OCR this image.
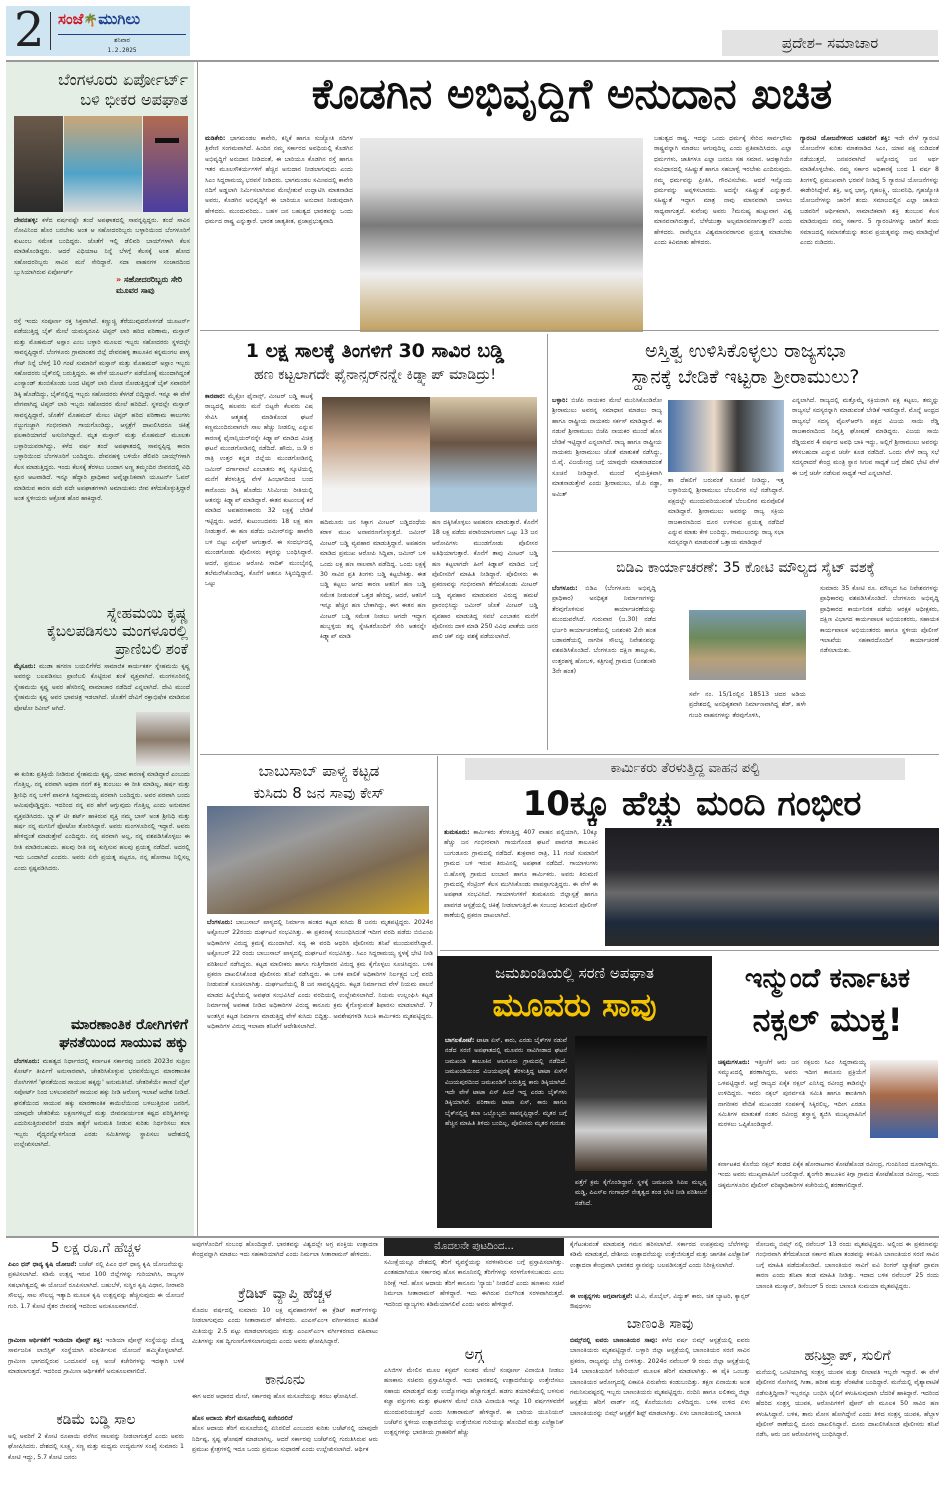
2 ಸಂಜೆ🌴ಮುಗಿಲು
ಶನಿವಾರ
1.2.2025	ಪ್ರದೇಶ– ಸಮಾಚಾರ
ಬೆಂಗಳೂರು ಏರ್ಪೋರ್ಟ್
ಬಳಿ ಭೀಕರ ಅಪಘಾತ
ದೇವನಹಳ್ಳಿ: ಕಳೆದ ವರ್ಷವಷ್ಟೇ ತಂದೆ ಅಪಘಾತದಲ್ಲಿ ಸಾವನ್ನಪ್ಪಿದ್ದರು. ತಂದೆ ಸಾವಿನ ನೋವಿನಿಂದ ಹೊರ ಬರಬೇಕು ಅಂತ ಆ ಸಹೋದರರಿಬ್ಬರು ಬಳ್ಳಾರಿಯಿಂದ ಬೆಂಗಳೂರಿಗೆ ಕುಟುಂಬ ಸಮೇತ ಬಂದಿದ್ದರು. ಜೊತೆಗೆ ಇಲ್ಲಿ ಡೆಲಿವರಿ ಬಾಯ್‌ಗಳಾಗಿ ಕೆಲಸ ಮಾಡಿಕೊಂಡಿದ್ದರು. ಆದರೆ ವಿಧಿಯಾಟ ನಿನ್ನೆ ಬೆಳಗ್ಗೆ ಕೆಲಸಕ್ಕೆ ಅಂತ ಹೋದ ಸಹೋದರರಿಬ್ಬರು ಸಾವಿನ ಮನೆ ಸೇರಿದ್ದಾರೆ. ಸದಾ ವಾಹನಗಳ ಸಂಚಾರದಿಂದ ಬ್ಯುಸಿಯಾಗಿರುವ ಏರ್ಪೋರ್ಟ್
» ಸಹೋದರರಿಬ್ಬರು ಸೇರಿ ಮೂವರ ಸಾವು
ರಸ್ತೆ ಇಂದು ಸಂಪೂರ್ಣ ರಕ್ತ ಸಿಕ್ತವಾಗಿದೆ. ಕಣ್ಣುಚ್ಚಿ ತೆರೆಯುವುದರೊಳಗಡೆ ಯೂಟರ್ನ್ ಪಡೆಯುತ್ತಿದ್ದ ಬೈಕ್ ಮೇಲೆ ಯಮಸ್ವರೂಪಿ ಟಿಪ್ಪರ್ ಲಾರಿ ಹರಿದ ಪರಿಣಾಮ, ಮಸ್ತಾನ್ ಮತ್ತು ಮೊಹಮದ್ ಅಸ್ಲಾಂ ಎಂಬ ಬಳ್ಳಾರಿ ಮೂಲದ ಇಬ್ಬರು ಸಹೋದರರು ಸ್ಥಳದಲ್ಲೇ ಸಾವನ್ನಪ್ಪಿದ್ದಾರೆ. ಬೆಂಗಳೂರು ಗ್ರಾಮಾಂತರ ಜಿಲ್ಲೆ ದೇವನಹಳ್ಳಿ ತಾಲೂಕಿನ ಕನ್ನಮಂಗಲ ಪಾಳ್ಯ ಗೇಟ್ ನಿನ್ನೆ ಬೆಳಗ್ಗೆ 10 ಗಂಟೆ ಸುಮಾರಿಗೆ ಮಸ್ತಾನ್ ಮತ್ತು ಮೊಹಮದ್ ಅಸ್ಲಾಂ ಇಬ್ಬರು ಸಹೋದರರು ಬೈಕ್‌ನಲ್ಲಿ ಬರುತ್ತಿದ್ದರು. ಈ ವೇಳೆ ಯೂಟರ್ನ್ ಪಡೆಯೋಕ್ಕೆ ಮುಂದಾಗಿದ್ದಂತೆ ಎಂಸ್ಯಾಂಡ್ ತುಂಬಿಕೊಂಡು ಬಂದ ಟಿಪ್ಪರ್ ಲಾರಿ ನೋಡ ನೋಡುತ್ತಿದ್ದಂತೆ ಬೈಕ್ ಸವಾರರಿಗೆ ಡಿಕ್ಕಿ ಹೊಡೆದಿದ್ದು, ಬೈಕ್‌ನಲ್ಲಿದ್ದ ಇಬ್ಬರು ಸಹೋದರರು ಕೆಳಗಡೆ ಬಿದ್ದಿದ್ದಾರೆ. ಇನ್ನೂ ಈ ವೇಳೆ ವೇಗವಾಗಿದ್ದ ಟಿಪ್ಪರ್ ಲಾರಿ ಇಬ್ಬರು ಸಹೋದರರ ಮೇಲೆ ಹರಿದಿದೆ. ಸ್ಥಳದಲ್ಲೇ ಮಸ್ತಾನ್ ಸಾವನ್ನಪ್ಪಿದ್ದಾರೆ, ಜೊತೆಗೆ ಮೊಹಮದ್ ಮೇಲು ಟಿಪ್ಪರ್ ಹರಿದ ಪರಿಣಾಮ ಕಾಲುಗಳು ನಜ್ಜುಗುಜ್ಜಾಗಿ ಗಂಭೀರವಾಗಿ ಗಾಯಗೊಂಡಿದ್ದು, ಆಸ್ಪತ್ರೆಗೆ ದಾಖಲಿಸಿದರೂ ಚಿಕಿತ್ಸೆ ಫಲಕಾರಿಯಾಗದೆ ಅಸುನೀಗಿದ್ದಾನೆ. ಮೃತ ಮಸ್ತಾನ್ ಮತ್ತು ಮೊಹಮದ್ ಮೂಲತಃ ಬಳ್ಳಾರಿಯವರಾಗಿದ್ದು, ಕಳೆದ ವರ್ಷ ತಂದೆ ಅಪಘಾತದಲ್ಲಿ ಸಾವನ್ನಪ್ಪಿದ್ದ ಕಾರಣ ಬಳ್ಳಾರಿಯಿಂದ ಬೆಂಗಳೂರಿಗೆ ಬಂದಿದ್ದರು. ದೇವನಹಳ್ಳಿ ಬಳಿಯೇ ಡೆಲಿವರಿ ಬಾಯ್ಸ್‌ಗಳಾಗಿ ಕೆಲಸ ಮಾಡುತ್ತಿದ್ದರು. ಇಂದು ಕೆಲಸಕ್ಕೆ ತೆರಳಲು ಬಂದಾಗ ಅಣ್ಣ ತಮ್ಮಂದಿರ ಜೀವನದಲ್ಲಿ ವಿಧಿ ಕ್ರೂರ ಆಟವಾಡಿದೆ. ಇನ್ನೂ ಹೆದ್ದಾರಿ ಪ್ರಾಧಿಕಾರ ಅವೈಜ್ಞಾನಿಕವಾಗಿ ಯೂಟರ್ನ್ ಓಪನ್ ಮಾಡಿರುವ ಕಾರಣ ಪದೇ ಪದೇ ಅಪಘಾತಗಳಾಗಿ ಅಮಾಯಕರು ಜೀವ ಕಳೆದುಕೊಳ್ಳುತ್ತಿದ್ದಾರೆ ಅಂತ ಸ್ಥಳೀಯರು ಆಕ್ರೋಶ ಹೊರ ಹಾಕಿದ್ದಾರೆ.
ಸ್ನೇಹಮಯಿ ಕೃಷ್ಣ
ಕೈಬಲಪಡಿಸಲು ಮಂಗಳೂರಲ್ಲಿ
ಪ್ರಾಣಿಬಲಿ ಶಂಕೆ
ಮೈಸೂರು: ಮುಡಾ ಹಗರಣ ಬಯಲಿಗೆಳೆದ ಸಾಮಾಜಿಕ ಕಾರ್ಯಕರ್ತ ಸ್ನೇಹಮಯಿ ಕೃಷ್ಣ ಅವರನ್ನು ಬಲಪಡಿಸಲು ಪ್ರಾಣಿಬಲಿ ಕೊಟ್ಟಿರುವ ಶಂಕೆ ವ್ಯಕ್ತವಾಗಿದೆ. ಮಂಗಳೂರಿನಲ್ಲಿ ಸ್ನೇಹಮಯಿ ಕೃಷ್ಣ ಅವರ ಹೆಸರಿನಲ್ಲಿ ವಾಮಾಚಾರ ನಡೆದಿದೆ ಎನ್ನಲಾಗಿದೆ. ದೇವಿ ಮುಂದೆ ಸ್ನೇಹಮಯಿ ಕೃಷ್ಣ ಅವರ ಭಾವಚಿತ್ರ ಇಡಲಾಗಿದೆ. ಜೊತೆಗೆ ದೇವಿಗೆ ರಕ್ತಾಭಿಷೇಕ ಮಾಡಿರುವ ಫೋಟೋ ರಿವೀಲ್ ಆಗಿದೆ.
ಈ ಕುರಿತು ಪ್ರತಿಕ್ರಿಯೆ ನೀಡಿರುವ ಸ್ನೇಹಮಯಿ ಕೃಷ್ಣ, ಯಾವ ಕಾರಣಕ್ಕೆ ಮಾಡಿದ್ದಾರೆ ಎಂಬುದು ಗೊತ್ತಿಲ್ಲ, ನನ್ನ ಪರವಾಗಿ ಅಥವಾ ನನಗೆ ಶಕ್ತಿ ತುಂಬಲು ಈ ರೀತಿ ಮಾಡಿಲ್ಲ, ಹರ್ಷ ಮತ್ತು ಶ್ರೀನಿಧಿ ನನ್ನ ಬಳಿಗೆ ಪಾರ್ವತಿ ಸಿದ್ದರಾಮಯ್ಯ ಪರವಾಗಿ ಬಂದಿದ್ದರು. ಅವರ ಪರವಾಗಿ ಬಂದು ಆಮಿಷವೊಡ್ಡಿದ್ದರು. ಇದರಿಂದ ನನ್ನ ಪರ ಹೇಗೆ ಆಗ್ತುವುದು ಗೊತ್ತಿಲ್ಲ ಎಂದು ಅನುಮಾನ ವ್ಯಕ್ತಪಡಿಸಿದರು. ಬ್ಲ್ಯಾಕ್ ಟೀ ಶರ್ಟ್ ಹಾಕಿರುವ ವ್ಯಕ್ತಿ ನಮ್ಮ ಬಾಸ್ ಅಂತ ಶ್ರೀನಿಧಿ ಮತ್ತು ಹರ್ಷ ನನ್ನ ಮಗನಿಗೆ ಫೋಟೋ ತೋರಿಸಿದ್ದಾರೆ. ಅವರು ಮಂಗಳೂರಿನಲ್ಲಿ ಇದ್ದಾರೆ. ಅವರು ಹೇಳಿದ್ದಂತೆ ಮಾಡುತ್ತೇವೆ ಎಂದಿದ್ದರು. ನನ್ನ ಪರವಾಗಿ ಅಲ್ಲ, ನನ್ನ ವಶಪಡಿಸಿಕೊಳ್ಳಲು ಈ ರೀತಿ ಮಾಡಿರಬಹುದು. ಹಲವು ರೀತಿ ನನ್ನ ಕುಗ್ಗಿಸುವ ಹಲವು ಪ್ರಯತ್ನ ನಡೆದಿದೆ. ಅದರಲ್ಲಿ ಇದು ಒಂದಾಗಿದೆ ಎಂದರು. ಅವರು ಏನೇ ಪ್ರಯತ್ನ ಪಟ್ಟರೂ, ನನ್ನ ಹೋರಾಟ ನಿಲ್ಲಿಸಲ್ಲ ಎಂದು ಸ್ಪಷ್ಟಪಡಿಸಿದರು.
ಮಾರಣಾಂತಿಕ ರೋಗಿಗಳಿಗೆ
ಘನತೆಯಿಂದ ಸಾಯುವ ಹಕ್ಕು
ಬೆಂಗಳೂರು: ಮಹತ್ವದ ನಿರ್ಧಾರದಲ್ಲಿ ಕರ್ನಾಟಕ ಸರ್ಕಾರವು ಜನವರಿ 2023ರ ಸುಪ್ರೀಂ ಕೋರ್ಟ್ ತೀರ್ಪಿಗೆ ಅನುಸಾರವಾಗಿ, ಚೇತರಿಸಿಕೊಳ್ಳುವ ಭರವಸೆಯಿಲ್ಲದ ಮಾರಣಾಂತಿಕ ರೋಗಿಗಳಿಗೆ 'ಘನತೆಯಿಂದ ಸಾಯುವ ಹಕ್ಕನ್ನು' ಅನುಮತಿಸಿದೆ. ಚೇತರಿಕೆಯೇ ಕಾಣದೆ ಲೈಫ್ ಸಪೋರ್ಟ್ ನಿಂದ ಬಳಲುವವರಿಗೆ ಸಾಯುವ ಹಕ್ಕು ನೀಡಿ ಆರೋಗ್ಯ ಇಲಾಖೆ ಆದೇಶ ನೀಡಿದೆ. ಘನತೆಯಿಂದ ಸಾಯುವ ಹಕ್ಕು ಮಾರಣಾಂತಿಕ ಕಾಯಿಲೆಯಿಂದ ಬಳಲುತ್ತಿರುವ ಜನರಿಗೆ, ಯಾವುದೇ ಚೇತರಿಕೆಯ ಲಕ್ಷಣಗಳಿಲ್ಲದೆ ಮತ್ತು ಜೀವನಪರ್ಯಂತ ಕಷ್ಟದ ಪರಿಸ್ಥಿತಿಗಳನ್ನು ಎದುರಿಸುತ್ತಿರುವವರಿಗೆ ದಯಾ ಹತ್ಯೆಗೆ ಅನುಮತಿ ನೀಡುವ ಕುರಿತು ನಿರ್ಧರಿಸಲು ತಲಾ ಇಬ್ಬರು ವೈದ್ಯರನ್ನೊಳಗೊಂಡ ಎರಡು ಸಮಿತಿಗಳನ್ನು ಸ್ಥಾಪಿಸಲು ಆದೇಶದಲ್ಲಿ ಉಲ್ಲೇಖಿಸಲಾಗಿದೆ.
ಕೊಡಗಿನ ಅಭಿವೃದ್ಧಿಗೆ ಅನುದಾನ ಖಚಿತ
ಮಡಿಕೇರಿ: ಭಾಗಮಂಡಲ ಕಾವೇರಿ, ಕನ್ನಿಕೆ ಹಾಗೂ ಸುಜ್ಯೋತಿ ನದಿಗಳ ತ್ರಿವೇಣಿ ಸಂಗಮವಾಗಿದೆ. ಹಿಂದಿನ ನಮ್ಮ ಸರ್ಕಾರದ ಅವಧಿಯಲ್ಲಿ ಕೊಡಗಿನ ಅಭಿವೃದ್ಧಿಗೆ ಅನುದಾನ ನೀಡಿದಂತೆ, ಈ ಬಾರಿಯೂ ಕೊಡಗಿನ ರಸ್ತೆ ಹಾಗೂ ಇತರ ಮೂಲಸೌಕರ್ಯಗಳಿಗೆ ಹೆಚ್ಚಿನ ಅನುದಾನ ನೀಡಲಾಗುವುದು ಎಂದು ಸಿಎಂ ಸಿದ್ದರಾಮಯ್ಯ ಭರವಸೆ ನೀಡಿದರು. ಭಾಗಮಂಡಲ ಸಮೀಪದಲ್ಲಿ ಕಾವೇರಿ ನದಿಗೆ ಅಡ್ಡಲಾಗಿ ನಿರ್ಮಿಸಲಾಗಿರುವ ಮೇಲ್ಸೇತುವೆ ಉದ್ಘಾಟಿಸಿ ಮಾತನಾಡಿದ ಅವರು, ಕೊಡಗಿನ ಅಭಿವೃದ್ಧಿಗೆ ಈ ಬಾರಿಯೂ ಅನುದಾನ ನೀಡುವುದಾಗಿ ಹೇಳಿದರು. ಮುಂದುವರಿದು.. ಬಹಳ ಜನ ಬಹುತ್ವದ ಭಾರತವನ್ನು ಒಂದು ಧರ್ಮದ ರಾಷ್ಟ್ರ ಎನ್ನುತ್ತಾರೆ. ಭಾರತ ಜಾತ್ಯತೀತ, ಪ್ರಜಾಪ್ರಭುತ್ವವಾದಿ
ಬಹುತ್ವದ ರಾಷ್ಟ್ರ. ಇದನ್ನು ಒಂದು ಧರ್ಮಕ್ಕೆ ಸೇರಿದ ಸಾರ್ವಭೌಮ ರಾಷ್ಟ್ರವನ್ನಾಗಿ ಮಾಡಲು ಆಗುವುದಿಲ್ಲ ಎಂದು ಪ್ರತಿಪಾದಿಸಿದರು. ಎಲ್ಲಾ ಧರ್ಮಗಳು, ಜಾತಿಗಳೂ ಎಲ್ಲಾ ಜನರೂ ಸಹ ಸಮಾನ. ಆದಕ್ಕಾಗಿಯೇ ಸಂವಿಧಾನದಲ್ಲಿ ಸಹಿಷ್ಣುತೆ ಹಾಗೂ ಸಹಬಾಳ್ವೆ ಇರಬೇಕು ಎಂದಿರುವುದು. ನಮ್ಮ ಧರ್ಮವನ್ನು ಪ್ರೀತಿಸಿ, ಗೌರವಿಸಬೇಕು. ಆದರೆ ಇನ್ನೊಂದು ಧರ್ಮವನ್ನು ಅಪ್ಪಳಿಸಬಾರದು. ಅದನ್ನೇ ಸಹಿಷ್ಣುತೆ ಎನ್ನುತ್ತಾರೆ. ಸಹಿಷ್ಣುತೆ ಇದ್ದಾಗ ಮಾತ್ರ ನಾವು ಮಾನವರಾಗಿ ಬಾಳಲು ಸಾಧ್ಯವಾಗುತ್ತದೆ. ಕುವೆಂಪು ಅವರು ?ಮನುಷ್ಯ ಹುಟ್ಟುವಾಗ ವಿಶ್ವ ಮಾನವನಾಗಿರುತ್ತಾನೆ, ಬೆಳೆಯುತ್ತಾ ಅಲ್ಪಮಾನವನಾಗುತ್ತಾನೆ? ಎಂದು ಹೇಳಿದರು. ನಾವೆಲ್ಲರೂ ವಿಶ್ವಮಾನವರಾಗುವ ಪ್ರಯತ್ನ ಮಾಡಬೇಕು ಎಂದು ಕಿವಿಮಾತು ಹೇಳಿದರು.
ಗ್ಯಾರಂಟಿ ಯೋಜನೆಗಳಿಂದ ಬಡವರಿಗೆ ಶಕ್ತಿ: ಇದೇ ವೇಳೆ ಗ್ಯಾರಂಟಿ ಯೋಜನೆಗಳ ಕುರಿತು ಮಾತನಾಡಿದ ಸಿಎಂ, ಯಾವ ಪಕ್ಷ ನುಡಿದಂತೆ ನಡೆಯುತ್ತದೆ, ಜನಪರವಾಗಿದೆ ಅನ್ನೋದನ್ನ ಜನ ಅರ್ಥ ಮಾಡಿಕೊಳ್ಳಬೇಕು. ನಮ್ಮ ಸರ್ಕಾರ ಅಧಿಕಾರಕ್ಕೆ ಬಂದ 1 ವರ್ಷ 8 ತಿಂಗಳಲ್ಲಿ ಪ್ರಮುಖವಾಗಿ ಭರವಸೆ ನೀಡಿದ್ದ 5 ಗ್ಯಾರಂಟಿ ಯೋಜನೆಗಳನ್ನು ಈಡೇರಿಸಿದ್ದೇವೆ. ಶಕ್ತಿ, ಅನ್ನ ಭಾಗ್ಯ, ಗೃಹಲಕ್ಷ್ಮಿ, ಯುವನಿಧಿ, ಗೃಹಜ್ಯೋತಿ ಯೋಜನೆಗಳನ್ನು ಜಾರಿಗೆ ತಂದು ಸಮಾಜದಲ್ಲಿನ ಎಲ್ಲಾ ಜಾತಿಯ ಬಡವರಿಗೆ ಆರ್ಥಿಕವಾಗಿ, ಸಾಮಾಜಿಕವಾಗಿ ಶಕ್ತಿ ತುಂಬುವ ಕೆಲಸ ಮಾಡಿರುವುದು ನಮ್ಮ ಸರ್ಕಾರ. 5 ಗ್ಯಾರಂಟಿಗಳನ್ನು ಜಾರಿಗೆ ತಂದು ಸಮಾಜದಲ್ಲಿ ಸಮಾನತೆಯನ್ನು ತರುವ ಪ್ರಯತ್ನವನ್ನು ನಾವು ಮಾಡಿದ್ದೇವೆ ಎಂದು ನುಡಿದರು.
1 ಲಕ್ಷ ಸಾಲಕ್ಕೆ ತಿಂಗಳಿಗೆ 30 ಸಾವಿರ ಬಡ್ಡಿ
ಹಣ ಕಟ್ಟಲಾಗದೇ ಫೈನಾನ್ಸರ್‌ನನ್ನೇ ಕಿಡ್ನ್ಯಾಪ್ ಮಾಡಿದ್ರು!
ಕಾರವಾರ: ಮೈಕ್ರೋ ಫೈನಾನ್ಸ್, ಮೀಟರ್ ಬಡ್ಡಿ ಕಾಟಕ್ಕೆ ರಾಜ್ಯದಲ್ಲಿ ಹಲವರು ಮನೆ ಬಿಟ್ಟರೇ ಕೆಲವರು ವಿಷ ಸೇವಿಸಿ ಆತ್ಮಹತ್ಯೆ ಮಾಡಿಕೊಂಡ ಘಟನೆ ಕಣ್ಣಮುಂದಿರುವಾಗಲೇ ಸಾಲ ಹೆಚ್ಚು ನೀಡಲಿಲ್ಲ ಎನ್ನುವ ಕಾರಣಕ್ಕೆ ಫೈನಾನ್ಸಿಯರ್‌ನನ್ನೇ ಕಿಡ್ನ್ಯಾಪ್ ಮಾಡಿದ ವಿಚಿತ್ರ ಘಟನೆ ಮುಂಡಗೋಡಿನಲ್ಲಿ ನಡೆದಿದೆ. ಹೌದು, ಜ.9 ರ ರಾತ್ರಿ ಉತ್ತರ ಕನ್ನಡ ಜಿಲ್ಲೆಯ ಮುಂಡಗೋಡಿನಲ್ಲಿ ಜಮೀರ್ ದರ್ಗಾವಾಲೆ ಎಂಬಾತನು ತನ್ನ ಸ್ಕೂಟಿಯಲ್ಲಿ ಮನೆಗೆ ತೆರಳುತ್ತಿದ್ದ ವೇಳೆ ಹಿಂಭಾಗದಿಂದ ಬಂದ ಕಾರೊಂದು ಡಿಕ್ಕಿ ಹೊಡೆದು ಸಿನಿಮೀಯ ರೀತಿಯಲ್ಲಿ ಆತನನ್ನು ಕಿಡ್ನ್ಯಾಪ್ ಮಾಡಿದ್ದಾರೆ. ಈತನ ಕುಟುಂಬಕ್ಕೆ ಕರೆ ಮಾಡಿದ ಅಪಹರಣಕಾರರು 32 ಲಕ್ಷಕ್ಕೆ ಬೇಡಿಕೆ ಇಟ್ಟಿದ್ದರು. ಆದರೆ, ಕುಟುಂಬದವರು 18 ಲಕ್ಷ ಹಣ ನೀಡುತ್ತಾರೆ. ಈ ಹಣ ಪಡೆದು ಜಮೀರ್‌ನನ್ನು ಹಾವೇರಿ ಬಳಿ ಬಿಟ್ಟು ಎಸ್ಕೇಪ್ ಆಗುತ್ತಾರೆ. ಈ ಸಂದರ್ಭದಲ್ಲಿ ಮುಂಡಗೋಡು ಪೊಲೀಸರು ಕಳ್ಳರನ್ನು ಬಂಧಿಸಿದ್ದಾರೆ. ಆದರೆ, ಪ್ರಮುಖ ಆರೋಪಿ ಸಾದಿಕ್ ಮುಂಬೈನಲ್ಲಿ ತಲೆಮರೆಸಿಕೊಂಡಿದ್ದ, ಕೊನೆಗೆ ಆತನೂ ಸಿಕ್ಕಿಬಿದ್ದಿದ್ದಾನೆ. ಒಟ್ಟು
ಹದಿಮೂರು ಜನ ಸಿಕ್ಕಾಗ ಮೀಟರ್ ಬಡ್ಡಿದಂಧೆಯ ಕರಾಳ ಮುಖ ಅನಾವರಣಗೊಳ್ಳುತ್ತದೆ. ಜಮೀರ್ ಮೀಟರ್ ಬಡ್ಡಿ ವ್ಯವಹಾರ ಮಾಡುತ್ತಿದ್ದಾನೆ. ಅಪಹರಣ ಮಾಡಿದ ಪ್ರಮುಖ ಆರೋಪಿ ಸಿದ್ದಿಖಾ, ಜಮೀರ್ ಬಳಿ ಒಂದು ಲಕ್ಷ ಹಣ ಸಾಲವಾಗಿ ಪಡೆದಿದ್ದ. ಒಂದು ಲಕ್ಷಕ್ಕೆ 30 ಸಾವಿರ ಪ್ರತಿ ತಿಂಗಳು ಬಡ್ಡಿ ಕಟ್ಟಬೇಕಿತ್ತು. ಈತ ಬಡ್ಡಿ ಕಟ್ಟಲು ಆಗದ ಕಾರಣ ಆತನಿಗೆ ಹಣ ಬಡ್ಡಿ ಸಮೇತ ನೀಡುವಂತೆ ಒತ್ತಡ ಹೇರಿದ್ದ, ಆದರೆ, ಆತನಿಗೆ ಇನ್ನೂ ಹೆಚ್ಚಿನ ಹಣ ಬೇಕಾಗಿದ್ದು, ಈಗ ಈತನ ಹಣ ಮೀಟರ್ ಬಡ್ಡಿ ಸಮೇತ ನೀಡಲು ಆಗದೇ ಇದ್ದಾಗ ಹುಬ್ಬಳ್ಳಿಯ ತನ್ನ ಸ್ನೇಹಿತರೊಂದಿಗೆ ಸೇರಿ ಆತನನ್ನೇ ಕಿಡ್ನ್ಯಾಪ್ ಮಾಡಿ
ಹಣ ದಕ್ಕಿಸಿಕೊಳ್ಳಲು ಅಪಹರಣ ಮಾಡುತ್ತಾರೆ. ಕೊನೆಗೆ 18 ಲಕ್ಷ ಪಡೆದು ಪರಾರಿಯಾಗುವಾಗ ಒಟ್ಟು 13 ಜನ ಆರೋಪಿಗಳು ಮುಂಡಗೋಡು ಪೊಲೀಸರ ಅತಿಥಿಯಾಗುತ್ತಾರೆ. ಕೊನೆಗೆ ತಾವು ಮೀಟರ್ ಬಡ್ಡಿ ಹಣ ಕಟ್ಟಲಾಗದೇ ಹೀಗೆ ಕಿಡ್ನಾಪ್ ಮಾಡಿದ ಬಗ್ಗೆ ಪೊಲೀಸರಿಗೆ ಮಾಹಿತಿ ನೀಡಿದ್ದಾರೆ. ಪೊಲೀಸರು ಈ ಪ್ರಕರಣವನ್ನು ಗಂಭೀರವಾಗಿ ತೆಗೆದುಕೊಂಡು ಮೀಟರ್ ಬಡ್ಡಿ ವ್ಯವಹಾರ ಮಾಡುವವರ ವಿರುದ್ಧ ಹಮಟೆ ಪ್ರಾರಂಭಿಸಿದ್ದು ಜಮೀರ್ ಜೊತೆ ಮೀಟರ್ ಬಡ್ಡಿ ವ್ಯವಹಾರ ಮಾಡುತಿದ್ದ ಸವಲೆ ಎಂಬಾತನ ಮನೆಗೆ ಪೊಲೀಸರು ದಾಳಿ ಮಾಡಿ 250 ವಿವಿಧ ಖಾತೆಯ ಜನರ ಖಾಲಿ ಚಕ್ ನನ್ನು ವಶಕ್ಕೆ ಪಡೆಯಲಾಗಿದೆ.
ಅಸ್ತಿತ್ವ ಉಳಿಸಿಕೊಳ್ಳಲು ರಾಜ್ಯಸಭಾ
ಸ್ಥಾನಕ್ಕೆ ಬೇಡಿಕೆ ಇಟ್ಟರಾ ಶ್ರೀರಾಮುಲು?
ಬಳ್ಳಾರಿ: ಬಿಜೆಪಿ ನಾಯಕರ ಮೇಲೆ ಮುನಿಸಿಕೊಂಡಿರೋ ಶ್ರೀರಾಮುಲು ಅವರನ್ನ ಸಮಾಧಾನ ಮಾಡಲು ರಾಜ್ಯ ಹಾಗೂ ರಾಷ್ಟ್ರೀಯ ನಾಯಕರು ಸರ್ಕಸ್ ಮಾಡಿದ್ದಾರೆ. ಈ ನಡುವೆ ಶ್ರೀರಾಮುಲು ಬಿಜೆಪಿ ನಾಯಕರ ಮುಂದೆ ಹೊಸ ಬೇಡಿಕೆ ಇಟ್ಟಿದ್ದಾರೆ ಎನ್ನಲಾಗಿದೆ. ರಾಜ್ಯ ಹಾಗೂ ರಾಷ್ಟ್ರೀಯ ನಾಯಕರು ಶ್ರೀರಾಮುಲು ಜೊತೆ ಮಾತುಕತೆ ನಡೆಸಿದ್ದು, ಬಿ.ವೈ. ವಿಜಯೇಂದ್ರ ಬಗ್ಗೆ ಯಾವುದೇ ಮಾತನಾಡದಂತೆ ಸೂಚನೆ ನೀಡಿದ್ದಾರೆ. ಮುಂದೆ ವೈಯಕ್ತಿಕವಾಗಿ ಮಾತನಾಡುತ್ತೇವೆ ಎಂದು ಶ್ರೀರಾಮುಲು, ಜೆ.ಪಿ ನಡ್ಡಾ, ಅಮಿತ್
ಶಾ ದೆಹಲಿಗೆ ಬರುವಂತೆ ಸೂಚನೆ ನೀಡಿದ್ದು, ಇತ್ತ ಬಳ್ಳಾರಿಯಲ್ಲಿ ಶ್ರೀರಾಮುಲು ಬೆಂಬಲಿಗರ ಸಭೆ ನಡೆಸಿದ್ದಾರೆ. ಪಕ್ಷದಲ್ಲೇ ಮುಂದುವರಿಯುವಂತೆ ಬೆಂಬಲಿಗರ ಮನವೊಲಿಕೆ ಮಾಡಿದ್ದಾರೆ. ಶ್ರೀರಾಮುಲು ಅವರನ್ನು ರಾಜ್ಯ ಸಕ್ರಿಯ ರಾಜಕಾರಣದಿಂದ ದೂರ ಉಳಿಸುವ ಪ್ರಯತ್ನ ನಡೆದಿದೆ ಎನ್ನುವ ಮಾತು ಕೇಳಿ ಬಂದಿದ್ದು, ರಾಮುಲುರನ್ನು ರಾಜ್ಯ ಸಭಾ ಸದಸ್ಯರನ್ನಾಗಿ ಮಾಡುವಂತೆ ಒತ್ತಾಯ ಮಾಡಿದ್ದಾರೆ
ಎನ್ನಲಾಗಿದೆ. ರಾಜ್ಯದಲ್ಲಿ ಮತ್ತೊಮ್ಮೆ ಸಕ್ರಿಯರಾಗಿ ಪಕ್ಷ ಕಟ್ಟಲು, ತಮ್ಮನ್ನು ರಾಜ್ಯಸಭೆ ಸದಸ್ಯರನ್ನಾಗಿ ಮಾಡುವಂತೆ ಬೇಡಿಕೆ ಇಡಲಿದ್ದಾರೆ. ಮೊನ್ನೆ ಆಂಧ್ರದ ರಾಜ್ಯಸಭೆ ಸದಸ್ಯ ವೈಎಸ್‌ಆರ್‌ಸಿ ಪಕ್ಷದ ವಿಜಯ ಸಾಯಿ ರೆಡ್ಡಿ ರಾಜಕಾರಣದಿಂದ ನಿವೃತ್ತಿ ಘೋಷಣೆ ಮಾಡಿದ್ದರು. ವಿಜಯ ಸಾಯಿ ರೆಡ್ಡಿಯವರ 4 ವರ್ಷದ ಅವಧಿ ಬಾಕಿ ಇದ್ದು, ಅಲ್ಲಿಗೆ ಶ್ರೀರಾಮುಲು ಅವರನ್ನು ಕಳಿಸಬಹುದಾ ಎನ್ನುವ ಚರ್ಚೆ ಕೂಡ ನಡೆದಿದೆ. ಒಂದು ವೇಳೆ ರಾಜ್ಯ ಸಭೆ ಸದಸ್ಯರಾದರೆ ಕೇಂದ್ರ ಮಂತ್ರಿ ಸ್ಥಾನ ಸಿಗುವ ಸಾಧ್ಯತೆ ಬಗ್ಗೆ ದೆಹಲಿ ಭೇಟಿ ವೇಳೆ ಈ ಬಗ್ಗೆ ಚರ್ಚೆ ನಡೆಸುವ ಸಾಧ್ಯತೆ ಇದೆ ಎನ್ನಲಾಗಿದೆ.
ಬಿಡಿಎ ಕಾರ್ಯಾಚರಣೆ: 35 ಕೋಟಿ ಮೌಲ್ಯದ ಸೈಟ್ ವಶಕ್ಕೆ
ಬೆಂಗಳೂರು: ಬಿಡಿಎ (ಬೆಂಗಳೂರು ಅಭಿವೃದ್ಧಿ ಪ್ರಾಧಿಕಾರ) ಅನಧಿಕೃತ ನಿರ್ಮಾಣಗಳನ್ನು ತೆರವುಗೊಳಿಸುವ ಕಾರ್ಯಾಚರಣೆಯನ್ನು ಮುಂದುವರೆಸಿದೆ. ಗುರುವಾರ (ಜ.30) ನಡೆದ ಭರ್ಜರಿ ಕಾರ್ಯಾಚರಣೆಯಲ್ಲಿ ಬನಶಂಕರಿ 2ನೇ ಹಂತ ಬಡಾವಣೆಯಲ್ಲಿ ನಾಗರಿಕ ಸೌಲಭ್ಯ ನಿವೇಶನವನ್ನು ವಶಪಡಿಸಿಕೊಂಡಿದೆ. ಬೆಂಗಳೂರು ದಕ್ಷಿಣ ತಾಲ್ಲೂಕು, ಉತ್ತರಹಳ್ಳಿ ಹೋಬಳಿ, ಕತ್ರಿಗುಪ್ಪೆ ಗ್ರಾಮದ (ಬನಶಂಕರಿ 3ನೇ ಹಂತ)
ಸರ್ವೆ ನಂ. 15/1ರಲ್ಲಿನ 18513 ಚದರ ಅಡಿಯ ಪ್ರದೇಶದಲ್ಲಿ ಅನಧಿಕೃತವಾಗಿ ನಿರ್ಮಾಣವಾಗಿದ್ದ ಶೆಡ್, ಹಳೇ ಗುಜರಿ ವಾಹನಗಳನ್ನು ತೆರವುಗೊಳಿಸಿ,
ಸುಮಾರು 35 ಕೋಟಿ ರೂ. ಮೌಲ್ಯದ ಸಿಎ ನಿವೇಶನಗಳನ್ನು ಪ್ರಾಧಿಕಾರವು ವಶಪಡಿಸಿಕೊಂಡಿದೆ. ಬೆಂಗಳೂರು ಅಭಿವೃದ್ಧಿ ಪ್ರಾಧಿಕಾರದ ಕಾರ್ಯನಿರತ ಪಡೆಯ ಆರಕ್ಷಕ ಅಧೀಕ್ಷಕರು, ದಕ್ಷಿಣ ವಿಭಾಗದ ಕಾರ್ಯಪಾಲಕ ಅಭಿಯಂತರರು, ಸಹಾಯಕ ಕಾರ್ಯಪಾಲಕ ಅಭಿಯಂತರರು ಹಾಗೂ ಸ್ಥಳೀಯ ಪೊಲೀಸ್ ಇಲಾಖೆಯ ಸಹಕಾರದೊಂದಿಗೆ ಕಾರ್ಯಾಚರಣೆ ನಡೆಸಲಾಯಿತು.
ಬಾಬುಸಾಬ್ ಪಾಳ್ಯ ಕಟ್ಟಡ
ಕುಸಿದು 8 ಜನ ಸಾವು ಕೇಸ್
ಬೆಂಗಳೂರು: ಬಾಬುಸಾಬ್ ಪಾಳ್ಯದಲ್ಲಿ ನಿರ್ಮಾಣ ಹಂತದ ಕಟ್ಟಡ ಕುಸಿದು 8 ಜನರು ಮೃತಪಟ್ಟಿದ್ದರು. 2024ರ ಅಕ್ಟೋಬರ್ 22ರಂದು ದುರ್ಘಟನೆ ಸಂಭವಿಸಿತ್ತು. ಈ ಪ್ರಕರಣಕ್ಕೆ ಸಂಬಂಧಿಸಿದಂತೆ ಇದೀಗ ವರದಿ ಪಡೆದು ಬಿಬಿಎಂಪಿ ಅಧಿಕಾರಿಗಳ ವಿರುದ್ಧ ಕ್ರಮಕ್ಕೆ ಮುಂದಾಗಿದೆ. ಸದ್ಯ ಈ ವರದಿ ಆಧರಿಸಿ ಪೊಲೀಸರು ತನಿಖೆ ಮುಂದುವರೆಸಿದ್ದಾರೆ. ಅಕ್ಟೋಬರ್ 22 ರಂದು ಬಾಬುಸಾಬ್ ಪಾಳ್ಯದಲ್ಲಿ ದುರ್ಘಟನೆ ಸಂಭವಿಸಿತ್ತು. ಸಿಎಂ ಸಿದ್ದರಾಮಯ್ಯ ಸ್ಥಳಕ್ಕೆ ಭೇಟಿ ನೀಡಿ ಪರಿಶೀಲನೆ ನಡೆಸಿದ್ದರು. ಕಟ್ಟಡ ಮಾಲೀಕರು ಹಾಗೂ ಗುತ್ತಿಗೆದಾರರ ವಿರುದ್ಧ ಕ್ರಮ ಕೈಗೊಳ್ಳಲು ಸೂಚಿಸಿದ್ದರು. ಬಳಿಕ ಪ್ರಕರಣ ದಾಖಲಿಸಿಕೊಂಡ ಪೊಲೀಸರು ತನಿಖೆ ನಡೆಸಿದ್ದರು. ಈ ಬಳಿಕ ಪಾಲಿಕೆ ಅಧಿಕಾರಿಗಳ ನಿರ್ಲಕ್ಷ್ಯದ ಬಗ್ಗೆ ವರದಿ ನೀಡುವಂತೆ ಸೂಚಿಸಲಾಗಿತ್ತು. ದುರ್ಘಟನೆಯಲ್ಲಿ 8 ಜನ ಸಾವನ್ನಪ್ಪಿದ್ದರು. ಕಟ್ಟಡ ನಿರ್ಮಾಣದ ವೇಳೆ ನಿಯಮ ಪಾಲನೆ ಮಾಡದ ಹಿನ್ನೆಲೆಯಲ್ಲಿ ಅವಘಡ ಸಂಭವಿಸಿದೆ ಎಂದು ವರದಿಯಲ್ಲಿ ಉಲ್ಲೇಖಿಸಲಾಗಿದೆ. ನಿಯಮ ಉಲ್ಲಂಘಿಸಿ ಕಟ್ಟಡ ನಿರ್ಮಾಣಕ್ಕೆ ಅವಕಾಶ ನೀಡಿದ ಅಧಿಕಾರಿಗಳ ವಿರುದ್ಧ ಕಾನೂನು ಕ್ರಮ ಕೈಗೊಳ್ಳುವಂತೆ ಶಿಫಾರಸು ಮಾಡಲಾಗಿದೆ. 7 ಅಂತಸ್ತಿನ ಕಟ್ಟಡ ನಿರ್ಮಾಣ ಮಾಡುತ್ತಿದ್ದ ವೇಳೆ ಕುಸಿದು ಬಿದ್ದಿತ್ತು. ಅವಶೇಷಗಳಡಿ ಸಿಲುಕಿ ಕಾರ್ಮಿಕರು ಮೃತಪಟ್ಟಿದ್ದರು. ಅಧಿಕಾರಿಗಳ ವಿರುದ್ಧ ಇಲಾಖಾ ತನಿಖೆಗೆ ಆದೇಶಿಸಲಾಗಿದೆ.
ಕಾರ್ಮಿಕರು ತೆರಳುತ್ತಿದ್ದ ವಾಹನ ಪಲ್ಟಿ
10ಕ್ಕೂ ಹೆಚ್ಚು ಮಂದಿ ಗಂಭೀರ
ತುಮಕೂರು: ಕಾರ್ಮಿಕರು ತೆರಳುತ್ತಿದ್ದ 407 ವಾಹನ ಪಲ್ಟಿಯಾಗಿ, 10ಕ್ಕೂ ಹೆಚ್ಚು ಜನ ಗಂಭೀರವಾಗಿ ಗಾಯಗೊಂಡ ಘಟನೆ ಪಾವಗಡ ತಾಲೂಕಿನ ಬುಗುಡೂರು ಗ್ರಾಮದಲ್ಲಿ ನಡೆದಿದೆ. ಶುಕ್ರವಾರ ರಾತ್ರಿ, 11 ಗಂಟೆ ಸುಮಾರಿಗೆ ಗ್ರಾಮದ ಬಳಿ ಇರುವ ತಿರುವಿನಲ್ಲಿ ಅಪಘಾತ ನಡೆದಿದೆ. ಗಾಯಾಳುಗಳು ಬಿ.ಹೊಸಳ್ಳಿ ಗ್ರಾಮದ ಲಂಬಾಣಿ ಹಾಗೂ ಕಾರ್ಮಿಕರು. ಅವರು ತಿರುಮಣಿ ಗ್ರಾಮದಲ್ಲಿ ಸೆಂಟ್ರಿಂಗ್ ಕೆಲಸ ಮುಗಿಸಿಕೊಂಡು ವಾಪಸ್ಸಾಗುತ್ತಿದ್ದರು. ಈ ವೇಳೆ ಈ ಅಪಘಾತ ಸಂಭವಿಸಿದೆ. ಗಾಯಾಳುಗಳಿಗೆ ತುಮಕೂರು ಜಿಲ್ಲಾಸ್ಪತ್ರೆ ಹಾಗೂ ಪಾವಗಡ ಆಸ್ಪತ್ರೆಯಲ್ಲಿ ಚಿಕಿತ್ಸೆ ನೀಡಲಾಗುತ್ತಿದೆ.ಈ ಸಂಬಂಧ ತಿರುಮಣಿ ಪೊಲೀಸ್ ಠಾಣೆಯಲ್ಲಿ ಪ್ರಕರಣ ದಾಖಲಾಗಿದೆ.
ಜಮಖಂಡಿಯಲ್ಲಿ ಸರಣಿ ಅಪಘಾತ
ಮೂವರು ಸಾವು
ಬಾಗಲಕೋಟೆ: ಟಾಟಾ ಏಸ್, ಕಾರು, ಎರಡು ಬೈಕ್‌ಗಳ ನಡುವೆ ನಡೆದ ಸರಣಿ ಅಪಘಾತದಲ್ಲಿ ಮೂವರು ಸಾವಿಗೀಡಾದ ಘಟನೆ ಜಮಖಂಡಿ ತಾಲೂಕಿನ ಆಲಗೂರು ಗ್ರಾಮದಲ್ಲಿ ನಡೆದಿದೆ. ಜಮಖಂಡಿಯಿಂದ ವಿಜಯಪುರಕ್ಕೆ ತೆರಳುತ್ತಿದ್ದ ಟಾಟಾ ಏಸ್‌ಗೆ ವಿಜಯಪುರದಿಂದ ಜಮಖಂಡಿಗೆ ಬರುತ್ತಿದ್ದ ಕಾರು ಡಿಕ್ಕಿಯಾಗಿದೆ. ಇದೇ ವೇಳೆ ಟಾಟಾ ಏಸ್ ಹಿಂದೆ ಇದ್ದ ಎರಡು ಬೈಕ್‌ಗಳು ಡಿಕ್ಕಿಯಾಗಿವೆ. ಪರಿಣಾಮ ಟಾಟಾ ಏಸ್, ಕಾರು ಹಾಗೂ ಬೈಕ್‌ನಲ್ಲಿದ್ದ ತಲಾ ಒಬ್ಬೊಬ್ಬರು ಸಾವನ್ನಪ್ಪಿದ್ದಾರೆ. ಮೃತರ ಬಗ್ಗೆ ಹೆಚ್ಚಿನ ಮಾಹಿತಿ ತಿಳಿದು ಬಂದಿಲ್ಲ, ಪೊಲೀಸರು ಮೃತರ ಗುರುತು
ಪತ್ತೆಗೆ ಕ್ರಮ ಕೈಗೊಂಡಿದ್ದಾರೆ. ಸ್ಥಳಕ್ಕೆ ಜಮಖಂಡಿ ಸಿಪಿಐ ಮಲ್ಲಪ್ಪ ಮಡ್ಡಿ, ಪಿಎಸ್‌ಐ ಗಂಗಾಧರ್ ನೇತೃತ್ವದ ತಂಡ ಭೇಟಿ ನೀಡಿ ಪರಿಶೀಲನೆ ನಡೆಸಿದೆ.
ಇನ್ಮುಂದೆ ಕರ್ನಾಟಕ
ನಕ್ಸಲ್ ಮುಕ್ತ!
ಚಿಕ್ಕಮಗಳೂರು: ಇತ್ತೀಚೆಗೆ ಆರು ಜನ ನಕ್ಸಲರು ಸಿಎಂ ಸಿದ್ದರಾಮಯ್ಯ ಸಮ್ಮುಖದಲ್ಲಿ ಶರಣಾಗಿದ್ದರು, ಅವರು ಇದೀಗ ಕಾನೂನು ಪ್ರಕ್ರಿಯೆಗೆ ಒಳಪಟ್ಟಿದ್ದಾರೆ. ಆದ್ರೆ ರಾಜ್ಯದ ಏಕೈಕ ನಕ್ಸಲ್ ಎನಿಸಿದ್ದ ರವೀಂದ್ರ ಕಾಡಿನಲ್ಲೇ ಉಳಿದಿದ್ದರು. ಇವರು ನಕ್ಸಲ್ ಪುನರ್ವಸತಿ ಸಮಿತಿ ಹಾಗೂ ಶಾಂತಿಗಾಗಿ ನಾಗರೀಕರ ವೇದಿಕೆ ಮುಖಂಡರ ಸಂಪರ್ಕಕ್ಕೆ ಸಿಕ್ಕಿರಲಿಲ್ಲ, ಇದೀಗ ಎರಡೂ ಸಮಿತಿಗಳ ಮಾತುಕತೆ ನಂತರ ರವೀಂದ್ರ ಶಸ್ತ್ರಾಸ್ತ್ರ ತ್ಯಜಿಸಿ ಮುಖ್ಯವಾಹಿನಿಗೆ ಮರಳಲು ಒಪ್ಪಿಕೊಂಡಿದ್ದಾರೆ.
ಕರ್ನಾಟಕದ ಕೊನೆಯ ನಕ್ಸಲ್ ತಂಡದ ಏಕೈಕ ಹೋರಾಟಗಾರ ಕೋಟೆಹೊಂಡ ರವೀಂದ್ರ, ಗುಂಪಿನಿಂದ ದೂರಾಗಿದ್ದರು. ಇಂದು ಅವರು ಮುಖ್ಯವಾಹಿನಿಗೆ ಬರಲಿದ್ದಾರೆ. ಶೃಂಗೇರಿ ತಾಲೂಕಿನ ಕಿಗ್ಗಾ ಗ್ರಾಮದ ಕೋಟೆಹೊಂಡ ರವೀಂದ್ರ, ಇಂದು ಚಿಕ್ಕಮಗಳೂರಿನ ಪೊಲೀಸ್ ವರಿಷ್ಠಾಧಿಕಾರಿಗಳ ಕಚೇರಿಯಲ್ಲಿ ಶರಣಾಗಲಿದ್ದಾರೆ.
5 ಲಕ್ಷ ರೂ.ಗೆ ಹೆಚ್ಚಳ
ಪಿಎಂ ಧನ್ ಧಾನ್ಯ ಕೃಷಿ ಯೋಜನೆ: ಬಜೆಟ್ ನಲ್ಲಿ ಪಿಎಂ ಧನ್ ಧಾನ್ಯ ಕೃಷಿ ಯೋಜನೆಯನ್ನು ಪ್ರಕಟಿಸಲಾಗಿದೆ. ಕಡಿಮೆ ಉತ್ಪನ್ನ ಇರುವ 100 ಜಿಲ್ಲೆಗಳನ್ನು ಗುರಿಯಾಗಿಸಿ, ರಾಜ್ಯಗಳ ಸಹಭಾಗಿತ್ವದಲ್ಲಿ ಈ ಯೋಜನೆ ರೂಪಿಸಲಾಗಿದೆ. ಬಹುಬೆಳೆ, ಸುಸ್ಥಿರ ಕೃಷಿ ವಿಧಾನ, ನೀರಾವರಿ ಸೌಲಭ್ಯ, ಸಾಲ ಸೌಲಭ್ಯ ಇತ್ಯಾದಿ ಮೂಲಕ ಕೃಷಿ ಉತ್ಪನ್ನವನ್ನು ಹೆಚ್ಚಿಸುವುದು ಈ ಯೋಜನೆ ಗುರಿ. 1.7 ಕೋಟಿ ರೈತರ ಜೀವನಕ್ಕೆ ಇದರಿಂದ ಅನುಕೂಲವಾಗಲಿದೆ.
ಗ್ರಾಮೀಣ ಆರ್ಥಿಕತೆಗೆ ಇಂಡಿಯಾ ಪೋಸ್ಟ್ ಶಕ್ತಿ: ಇಂಡಿಯಾ ಪೋಸ್ಟ್ ಸಂಸ್ಥೆಯನ್ನು ದೊಡ್ಡ ಸಾರ್ವಜನಿಕ ಲಾಜಿಸ್ಟಿಕ್ ಸಂಸ್ಥೆಯಾಗಿ ಪರಿವರ್ತಿಸುವ ಯೋಜನೆ ಹಮ್ಮಿಕೊಳ್ಳಲಾಗಿದೆ. ಗ್ರಾಮೀಣ ಭಾಗದಲ್ಲಿರುವ ಒಂದೂವರೆ ಲಕ್ಷ ಅಂಚೆ ಕಚೇರಿಗಳನ್ನು ಇದಕ್ಕಾಗಿ ಬಳಕೆ ಮಾಡಲಾಗುತ್ತದೆ. ಇದರಿಂದ ಗ್ರಾಮೀಣ ಆರ್ಥಿಕತೆಗೆ ಅನುಕೂಲವಾಗಲಿದೆ.
ಕಡಿಮೆ ಬಡ್ಡಿ ಸಾಲ
ಅಲ್ಲಿ ಅವರಿಗೆ 2 ಕೋಟಿ ರೂಪಾಯಿ ವರೆಗಿನ ಸಾಲವನ್ನು ನೀಡಲಾಗುತ್ತದೆ ಎಂದು ಅವರು ಘೋಷಿಸಿದರು. ದೇಶದಲ್ಲಿ ಸೂಕ್ಷ್ಮ, ಸಣ್ಣ ಮತ್ತು ಮಧ್ಯಮ ಉದ್ಯಮಗಳ ಸಂಖ್ಯೆ ಸುಮಾರು 1 ಕೋಟಿ ಇದ್ದು, 5.7 ಕೋಟಿ ಜನರು
ಅವುಗಳೊಂದಿಗೆ ಸಂಬಂಧ ಹೊಂದಿದ್ದಾರೆ. ಭಾರತವನ್ನು ವಿಶ್ವದಲ್ಲೇ ಅಗ್ರ ಪಂಕ್ತಿಯ ಉತ್ಪಾದನಾ ಕೇಂದ್ರವನ್ನಾಗಿ ಮಾಡಲು ಇದು ಸಹಕಾರಿಯಾಗಿದೆ ಎಂದು ನಿರ್ಮಲಾ ಸೀತಾರಾಮನ್ ಹೇಳಿದರು.
ಕ್ರೆಡಿಟ್ ವ್ಯಾಪ್ತಿ ಹೆಚ್ಚಳ
ಮೊದಲ ವರ್ಷದಲ್ಲಿ ಸುಮಾರು 10 ಲಕ್ಷ ವ್ಯವಹಾರಗಳಿಗೆ ಈ ಕ್ರೆಡಿಟ್ ಕಾರ್ಡ್‌ಗಳನ್ನು ನೀಡಲಾಗುವುದು ಎಂದು ಸೀತಾರಾಮನ್ ಹೇಳಿದರು. ಎಂಎಸ್ಎಂಇ ವರ್ಗೀಕರಣದ ಹೂಡಿಕೆ ಮಿತಿಯನ್ನು 2.5 ಪಟ್ಟು ಮಾಡಲಾಗುವುದು ಮತ್ತು ಎಂಎಸ್ಎಂಇ ವರ್ಗೀಕರಣದ ವಹಿವಾಟು ಮಿತಿಗಳನ್ನು ಸಹ ದ್ವಿಗುಣಗೊಳಿಸಲಾಗುವುದು ಎಂದು ಅವರು ಘೋಷಿಸಿದ್ದಾರೆ.
ಕಾನೂನು
ಈಗ ಅದರ ಆಧಾರದ ಮೇಲೆ, ಸರ್ಕಾರವು ಹೊಸ ಮಸೂದೆಯನ್ನು ತರಲು ಘೋಷಿಸಿದೆ.
ಹೊಸ ಆದಾಯ ತೆರಿಗೆ ಮಸೂದೆಯಲ್ಲಿ ಏನೇನಿರಲಿದೆ
ಹೊಸ ಆದಾಯ ತೆರಿಗೆ ಮಸೂದೆಯಲ್ಲಿ ಏನಿರಲಿದೆ ಎಂಬುದರ ಕುರಿತು ಬಜೆಟ್‌ನಲ್ಲಿ ಯಾವುದೇ ನಿರ್ದಿಷ್ಟ, ಸ್ಪಷ್ಟ ಘೋಷಣೆ ಮಾಡಲಾಗಿಲ್ಲ. ಆದರೆ ಸರ್ಕಾರವು ಬಜೆಟ್‌ನಲ್ಲಿ ಗುರುತಿಸಿರುವ ಆರು ಪ್ರಮುಖ ಕ್ಷೇತ್ರಗಳಲ್ಲಿ ಇದೂ ಒಂದು ಪ್ರಮುಖ ಸುಧಾರಣೆ ಎಂದು ಉಲ್ಲೇಖಿಸಲಾಗಿದೆ. ಆರ್ಥಿಕ
ಮೊದಲನೇ ಪುಟದಿಂದ...
ಸಮೀಕ್ಷೆಯಲ್ಲೂ ದೇಶದಲ್ಲಿ ತೆರಿಗೆ ವ್ಯವಸ್ಥೆಯನ್ನು ಸರಳೀಕರಿಸುವ ಬಗ್ಗೆ ಪ್ರಸ್ತಾಪಿಸಲಾಗಿತ್ತು. ಎಂತಹದಾಗಿಯೂ ಸರ್ಕಾರವು ಹೊಸ ಕಾನೂನಿನಲ್ಲಿ ತೆರಿಗೆಗಳನ್ನು ಸರಳಗೊಳಿಸಬಹುದು ಎಂಬ ನಿರೀಕ್ಷೆ ಇದೆ. ಹೊಸ ಆದಾಯ ತೆರಿಗೆ ಕಾನೂನು 'ನ್ಯಾಯ' ನೀಡಲಿದೆ ಎಂದು ಹಣಕಾಸು ಸಚಿವೆ ನಿರ್ಮಲಾ ಸೀತಾರಾಮನ್ ಹೇಳಿದ್ದಾರೆ. ಇದು ಈಗಿರುವ ಬಿಲ್‌ಗಿಂತ ಸರಳವಾಗಿರುತ್ತದೆ. ಇದರಿಂದ ವ್ಯಾಜ್ಯಗಳು ಕಡಿಮೆಯಾಗಲಿವೆ ಎಂದು ಅವರು ಹೇಳಿದ್ದಾರೆ.
ಅಗ್ಗ
ಎಸಿಜಿಗಳ ಮೇಲಿನ ಮೂಲ ಕಸ್ಟಮ್ ಸುಂಕದ ಮೇಲೆ ಸಂಪೂರ್ಣ ವಿನಾಯಿತಿ ನೀಡಲು ಹಣಕಾಸು ಸಚಿವರು ಪ್ರಸ್ತಾಪಿಸಿದ್ದಾರೆ. ಇದು ಭಾರತದಲ್ಲಿ ಉತ್ಪಾದನೆಯನ್ನು ಉತ್ತೇಜಿಸಲು ಸಹಾಯ ಮಾಡುತ್ತದೆ ಮತ್ತು ಉದ್ಯೋಗವೂ ಹೆಚ್ಚಾಗುತ್ತದೆ. ಹಡಗು ತಯಾರಿಕೆಯಲ್ಲಿ ಬಳಸುವ ಕಚ್ಚಾ ವಸ್ತುಗಳು ಮತ್ತು ಘಟಕಗಳ ಮೇಲೆ ಬಿಸಿಡಿ ವಿನಾಯಿತಿ ಇನ್ನೂ 10 ವರ್ಷಗಳವರೆಗೆ ಮುಂದುವರಿಯುತ್ತದೆ ಎಂದು ಸೀತಾರಾಮನ್ ಹೇಳಿದ್ದಾರೆ. ಈ ಬಾರಿಯ ಯೂನಿಯನ್ ಬಜೆಟ್‌ನ ಸ್ಥಳೀಯ ಉತ್ಪಾದನೆಯನ್ನು ಉತ್ತೇಜಿಸುವ ಗುರಿಯನ್ನು ಹೊಂದಿದೆ ಮತ್ತು ಎಲೆಕ್ಟ್ರಾನಿಕ್ ಉತ್ಪನ್ನಗಳನ್ನು ಭಾರತೀಯ ಗ್ರಾಹಕರಿಗೆ ಹೆಚ್ಚು
ಕೈಗೆಟುಕುವಂತೆ ಮಾಡುವತ್ತ ಗಮನ ಹರಿಸಲಾಗಿದೆ. ಸರ್ಕಾರದ ಉಪಕ್ರಮವು ಬೆಲೆಗಳನ್ನು ಕಡಿಮೆ ಮಾಡುತ್ತದೆ, ದೇಶೀಯ ಉತ್ಪಾದನೆಯನ್ನು ಉತ್ತೇಜಿಸುತ್ತದೆ ಮತ್ತು ಜಾಗತಿಕ ಎಲೆಕ್ಟ್ರಾನಿಕ್ ಉತ್ಪಾದನಾ ಕೇಂದ್ರವಾಗಿ ಭಾರತದ ಸ್ಥಾನವನ್ನು ಬಲಪಡಿಸುತ್ತದೆ ಎಂದು ನಿರೀಕ್ಷಿಸಲಾಗಿದೆ.
ಈ ಉತ್ಪನ್ನಗಳು ಅಗ್ಗವಾಗುತ್ತವೆ: ಟಿ.ವಿ, ಮೊಬೈಲ್, ವಿದ್ಯುತ್ ಕಾರು, ಚಿತ ಬ್ಯಾಟರಿ, ಕ್ಯಾನ್ಸರ್ ಔಷಧಗಳು
ಬಾಣಂತಿ ಸಾವು
ಬಿಮ್ಸ್‌ನಲ್ಲಿ ಐವರು ಬಾಣಂತಿಯರ ಸಾವು: ಕಳೆದ ವರ್ಷ ಬಿಮ್ಸ್ ಆಸ್ಪತ್ರೆಯಲ್ಲಿ ಐವರು ಬಾಣಂತಿಯರು ಮೃತಪಟ್ಟಿದ್ದಾರೆ. ಬಳ್ಳಾರಿ ಜಿಲ್ಲಾ ಆಸ್ಪತ್ರೆಯಲ್ಲಿ ಬಾಣಂತಿಯರ ಸರಣಿ ಸಾವಿನ ಪ್ರಕರಣ, ರಾಜ್ಯವನ್ನು ಬೆಚ್ಚಿ ಬೀಳಿಸಿತ್ತು. 2024ರ ನವೆಂಬರ್ 9 ರಂದು ಜಿಲ್ಲಾ ಆಸ್ಪತ್ರೆಯಲ್ಲಿ 14 ಬಾಣಂತಿಯರಿಗೆ ಸಿಸೇರಿಯನ್ ಮೂಲಕ ಹೆರಿಗೆ ಮಾಡಲಾಗಿತ್ತು. ಈ ಪೈಕಿ ಒಂಬತ್ತು ಬಾಣಂತಿಯರ ಆರೋಗ್ಯದಲ್ಲಿ ಏಕಾಏಕಿ ಏರುಪೇರು ಕಂಡುಬಂದಿತ್ತು. ತಕ್ಷಣ ಏನಾಯಿತು ಅಂತ ಗಮನಿಸುವಷ್ಟರಲ್ಲಿ ಇಬ್ಬರು ಬಾಣಂತಿಯರು ಮೃತಪಟ್ಟಿದ್ದರು. ನಂದಿನಿ ಹಾಗೂ ಲಲಿತಮ್ಮ ಜಿಲ್ಲಾ ಆಸ್ಪತ್ರೆಯ ಹೆರಿಗೆ ವಾರ್ಡ್ ನಲ್ಲಿ ಕೊನೆಯುಸಿರು ಎಳೆದಿದ್ದರು. ಬಳಿಕ ಉಳಿದ ಏಳು ಬಾಣಂತಿಯರನ್ನು ಬಿಮ್ಸ್ ಆಸ್ಪತ್ರೆಗೆ ಶಿಫ್ಟ್ ಮಾಡಲಾಗಿತ್ತು. ಏಳು ಬಾಣಂತಿಯರಲ್ಲಿ ಬಾಣಂತಿ
ರೋಜಮ್ಮ ಬಿಮ್ಸ್ ನಲ್ಲಿ ನವೆಂಬರ್ 13 ರಂದು ಮೃತಪಟ್ಟಿದ್ದರು. ಅಲ್ಲಿಂದ ಈ ಪ್ರಕರಣವನ್ನು ಗಂಭೀರವಾಗಿ ತೆಗೆದುಕೊಂಡ ಸರ್ಕಾರ ತನಿಖಾ ತಂಡವನ್ನು ಕಳುಹಿಸಿ ಬಾಣಂತಿಯರ ಸರಣಿ ಸಾವಿನ ಬಗ್ಗೆ ಮಾಹಿತಿ ಪಡೆದುಕೊಂಡಿದೆ. ಬಾಣಂತಿಯರ ಸಾವಿಗೆ ಐವಿ ರಿಂಗರ್ ಲ್ಯಾಕ್ಟೇಟ್ ದ್ರಾವಣ ಕಾರಣ ಎಂದು ತನಿಖಾ ತಂಡ ಮಾಹಿತಿ ನೀಡಿತ್ತು. ಇದಾದ ಬಳಿಕ ನವೆಂಬರ್ 25 ರಂದು ಬಾಣಂತಿ ಮುಸ್ಕಾನ್, ಡಿಸೆಂಬರ್ 5 ರಂದು ಬಾಣಂತಿ ಸುಮಯಾ ಮೃತಪಟ್ಟಿದ್ದರು.
ಹನಿಟ್ರ್ಯಾಪ್, ಸುಲಿಗೆ
ಮನೆಯಲ್ಲಿ ಒಂಟಿಯಾಗಿದ್ದ ಸಂತ್ರಸ್ತ ಯುವಕ ಮತ್ತು ಲೀಲಾವತಿ ಇಬ್ಬರೇ ಇದ್ದಾರೆ. ಈ ವೇಳೆ ಪೊಲೀಸರ ಸೋಗಿನಲ್ಲಿ ಗೀತಾ, ಹರೀಶ ಮತ್ತು ವೆಂಕಟೇಶ ಬಂದಿದ್ದಾರೆ. ಮನೆಯಲ್ಲಿ ವೈಶ್ಯಾವಾಟಿಕೆ ನಡೆಸುತ್ತಿದ್ದೀರಾ? ಇಬ್ಬರನ್ನೂ ಬಂಧಿಸಿ ಜೈಲಿಗೆ ಕಳುಹಿಸುವುದಾಗಿ ಬೆದರಿಕೆ ಹಾಕಿದ್ದಾರೆ. ಇದರಿಂದ ಹೆದರಿದ ಸಂತ್ರಸ್ತ ಯುವಕ, ಆರೋಪಿಗಳಿಗೆ ಫೋನ್ ಪೇ ಮೂಲಕ 50 ಸಾವಿರ ಹಣ ಕಳುಹಿಸಿದ್ದಾನೆ. ಬಳಿಕ, ತಾನು ಮೋಸ ಹೋಗಿದ್ದೇನೆ ಎಂದು ತಿಳಿದ ಸಂತ್ರಸ್ತ ಯುವಕ, ಹೆಬ್ಬಾಳ ಪೊಲೀಸ್ ಠಾಣೆಯಲ್ಲಿ ದೂರು ದಾಖಲಿಸಿದ್ದಾನೆ. ದೂರು ದಾಖಲಿಸಿಕೊಂಡ ಪೊಲೀಸರು ತನಿಖೆ ನಡೆಸಿ, ಆರು ಜನ ಆರೋಪಿಗಳನ್ನ ಬಂಧಿಸಿದ್ದಾರೆ.
